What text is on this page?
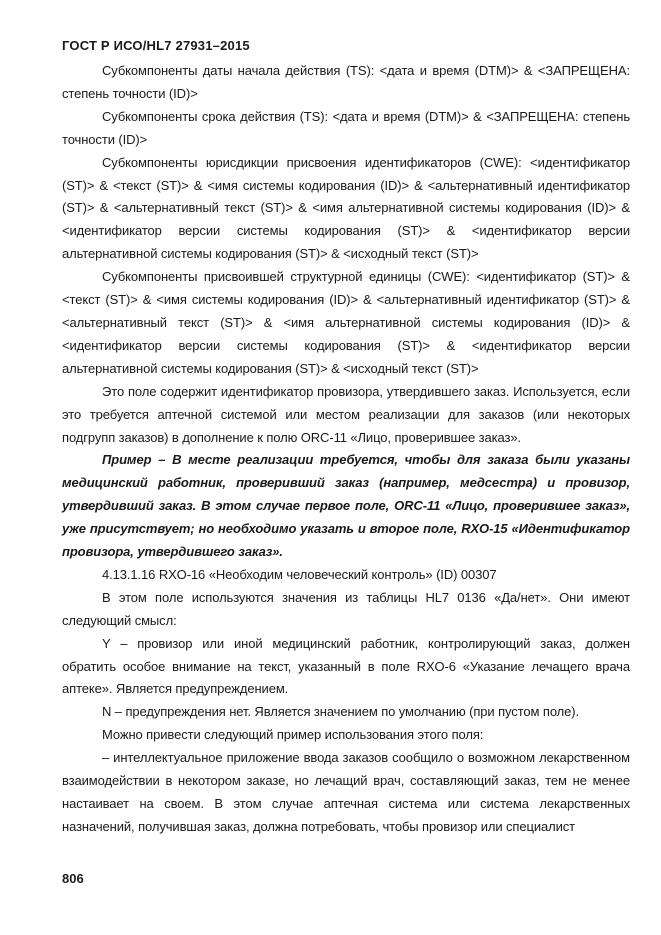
ГОСТ Р ИСО/HL7 27931–2015

Субкомпоненты даты начала действия (TS): <дата и время (DTM)> & <ЗАПРЕЩЕНА: степень точности (ID)>

Субкомпоненты срока действия (TS): <дата и время (DTM)> & <ЗАПРЕЩЕНА: степень точности (ID)>

Субкомпоненты юрисдикции присвоения идентификаторов (CWE): <идентификатор (ST)> & <текст (ST)> & <имя системы кодирования (ID)> & <альтернативный идентификатор (ST)> & <альтернативный текст (ST)> & <имя альтернативной системы кодирования (ID)> & <идентификатор версии системы кодирования (ST)> & <идентификатор версии альтернативной системы кодирования (ST)> & <исходный текст (ST)>

Субкомпоненты присвоившей структурной единицы (CWE): <идентификатор (ST)> & <текст (ST)> & <имя системы кодирования (ID)> & <альтернативный идентификатор (ST)> & <альтернативный текст (ST)> & <имя альтернативной системы кодирования (ID)> & <идентификатор версии системы кодирования (ST)> & <идентификатор версии альтернативной системы кодирования (ST)> & <исходный текст (ST)>

Это поле содержит идентификатор провизора, утвердившего заказ. Используется, если это требуется аптечной системой или местом реализации для заказов (или некоторых подгрупп заказов) в дополнение к полю ORC-11 «Лицо, проверившее заказ».

Пример – В месте реализации требуется, чтобы для заказа были указаны медицинский работник, проверивший заказ (например, медсестра) и провизор, утвердивший заказ. В этом случае первое поле, ORC-11 «Лицо, проверившее заказ», уже присутствует; но необходимо указать и второе поле, RXO-15 «Идентификатор провизора, утвердившего заказ».

4.13.1.16 RXO-16 «Необходим человеческий контроль» (ID) 00307

В этом поле используются значения из таблицы HL7 0136 «Да/нет». Они имеют следующий смысл:

Y – провизор или иной медицинский работник, контролирующий заказ, должен обратить особое внимание на текст, указанный в поле RXO-6 «Указание лечащего врача аптеке». Является предупреждением.

N – предупреждения нет. Является значением по умолчанию (при пустом поле).

Можно привести следующий пример использования этого поля:

– интеллектуальное приложение ввода заказов сообщило о возможном лекарственном взаимодействии в некотором заказе, но лечащий врач, составляющий заказ, тем не менее настаивает на своем. В этом случае аптечная система или система лекарственных назначений, получившая заказ, должна потребовать, чтобы провизор или специалист

806
